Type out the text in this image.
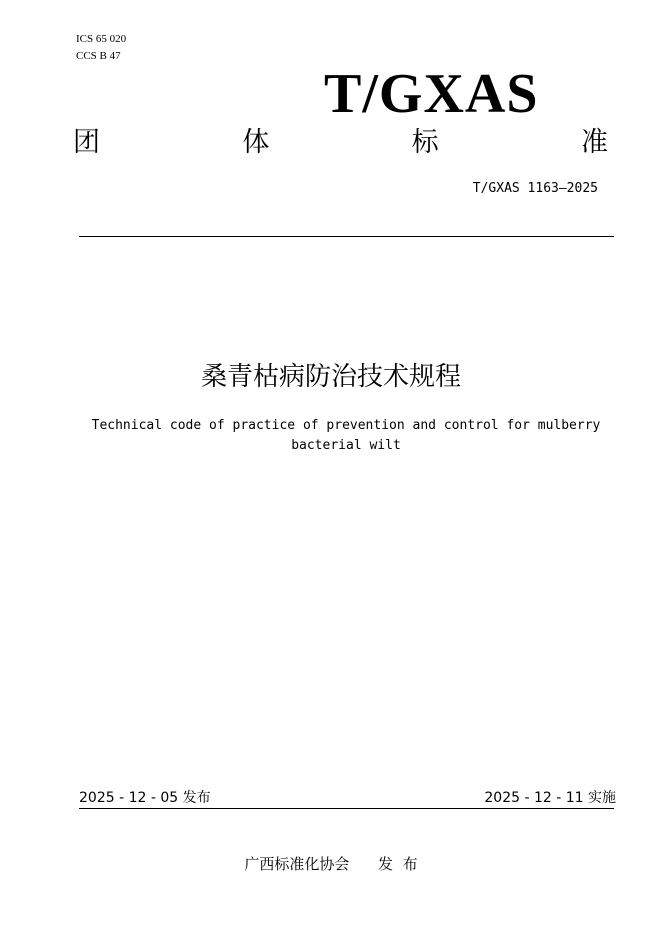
ICS 65 020
CCS B 47
T/GXAS
团	体	标	准
T/GXAS 1163—2025
桑青枯病防治技术规程
Technical code of practice of prevention and control for mulberry bacterial wilt
2025 - 12 - 05 发布	2025 - 12 - 11 实施
广西标准化协会      发  布
